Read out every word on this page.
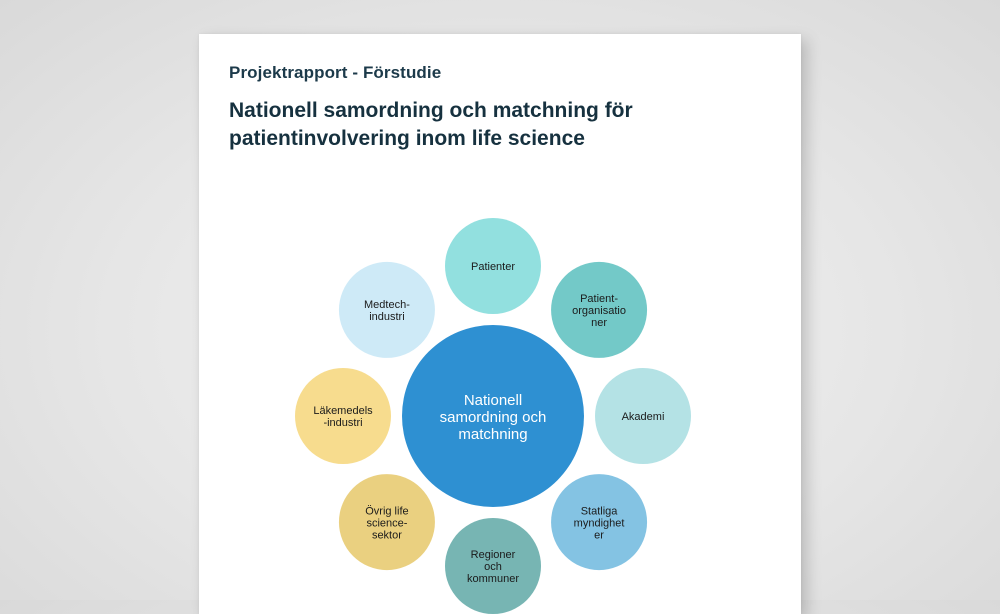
Projektrapport - Förstudie

Nationell samordning och matchning för
patientinvolvering inom life science
Patienter
Patient-organisatio ner
Akademi
Statliga myndighet er
Regioner och kommuner
Övrig life science-sektor
Läkemedels -industri
Medtech-industri
Nationell samordning och matchning
